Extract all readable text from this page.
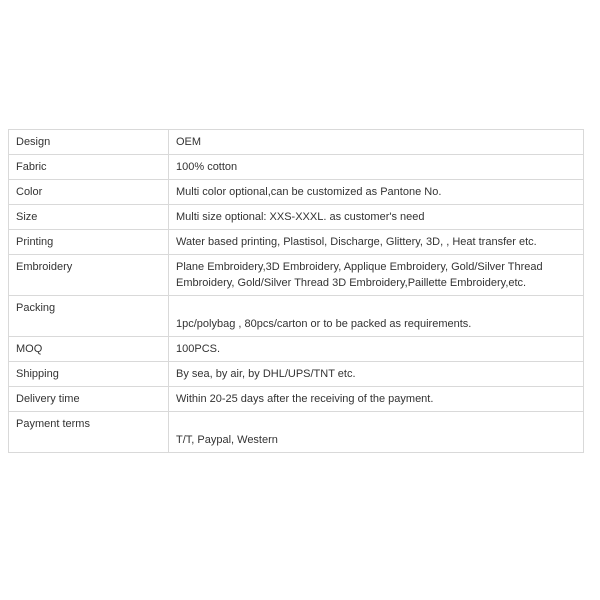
Design	OEM
Fabric	100% cotton
Color	Multi color optional,can be customized as Pantone No.
Size	Multi size optional: XXS-XXXL. as customer's need
Printing	Water based printing, Plastisol, Discharge, Glittery, 3D, , Heat transfer etc.
Embroidery	Plane Embroidery,3D Embroidery, Applique Embroidery, Gold/Silver Thread Embroidery, Gold/Silver Thread 3D Embroidery,Paillette Embroidery,etc.
Packing	1pc/polybag , 80pcs/carton or to be packed as requirements.
MOQ	100PCS.
Shipping	By sea, by air, by DHL/UPS/TNT etc.
Delivery time	Within 20-25 days after the receiving of the payment.
Payment terms	T/T, Paypal, Western
